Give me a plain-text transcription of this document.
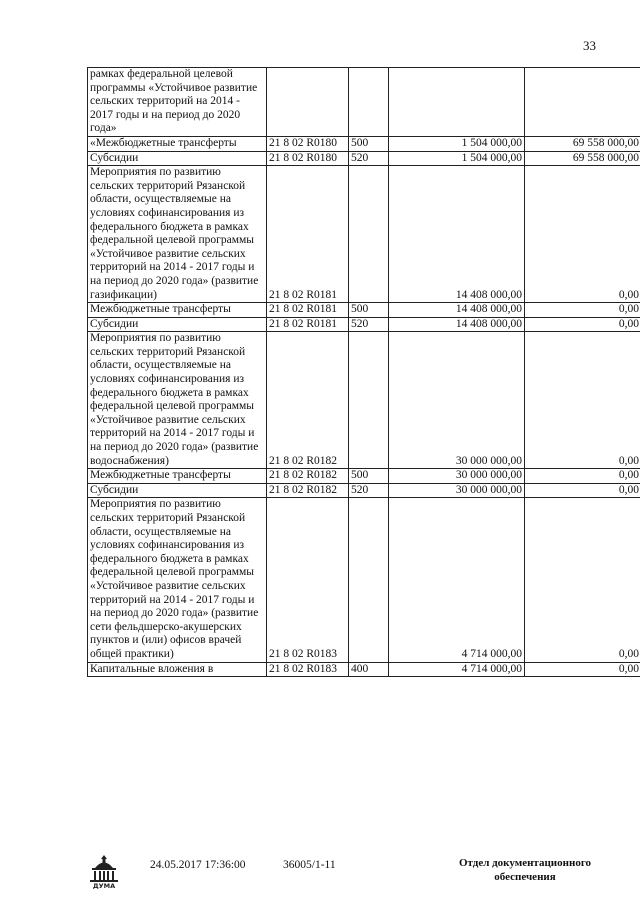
33
рамках федеральной целевой программы «Устойчивое развитие сельских территорий на 2014 - 2017 годы и на период до 2020 года»				
«Межбюджетные трансферты	21 8 02 R0180	500	1 504 000,00	69 558 000,00
Субсидии	21 8 02 R0180	520	1 504 000,00	69 558 000,00
Мероприятия по развитию сельских территорий Рязанской области, осуществляемые на условиях софинансирования из федерального бюджета в рамках федеральной целевой программы «Устойчивое развитие сельских территорий на 2014 - 2017 годы и на период до 2020 года» (развитие газификации)	21 8 02 R0181		14 408 000,00	0,00
Межбюджетные трансферты	21 8 02 R0181	500	14 408 000,00	0,00
Субсидии	21 8 02 R0181	520	14 408 000,00	0,00
Мероприятия по развитию сельских территорий Рязанской области, осуществляемые на условиях софинансирования из федерального бюджета в рамках федеральной целевой программы «Устойчивое развитие сельских территорий на 2014 - 2017 годы и на период до 2020 года» (развитие водоснабжения)	21 8 02 R0182		30 000 000,00	0,00
Межбюджетные трансферты	21 8 02 R0182	500	30 000 000,00	0,00
Субсидии	21 8 02 R0182	520	30 000 000,00	0,00
Мероприятия по развитию сельских территорий Рязанской области, осуществляемые на условиях софинансирования из федерального бюджета в рамках федеральной целевой программы «Устойчивое развитие сельских территорий на 2014 - 2017 годы и на период до 2020 года» (развитие сети фельдшерско-акушерских пунктов и (или) офисов врачей общей практики)	21 8 02 R0183		4 714 000,00	0,00
Капитальные вложения в	21 8 02 R0183	400	4 714 000,00	0,00
ДУМА
24.05.2017 17:36:00	36005/1-11	Отдел документационного
обеспечения
